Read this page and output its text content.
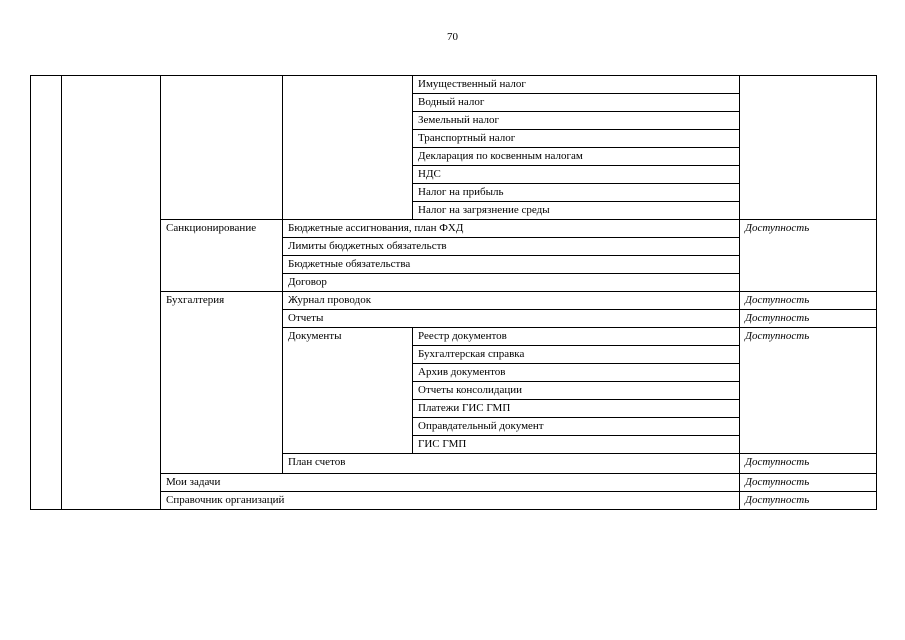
70
				Имущественный налог	
				Водный налог	
				Земельный налог	
				Транспортный налог	
				Декларация по косвенным налогам	
				НДС	
				Налог на прибыль	
				Налог на загрязнение среды	
		Санкционирование	Бюджетные ассигнования, план ФХД		Доступность
			Лимиты бюджетных обязательств		
			Бюджетные обязательства		
			Договор		
		Бухгалтерия	Журнал проводок		Доступность
			Отчеты		Доступность
			Документы	Реестр документов	Доступность
				Бухгалтерская справка	
				Архив документов	
				Отчеты консолидации	
				Платежи ГИС ГМП	
				Оправдательный документ	
				ГИС ГМП	
			План счетов		Доступность
		Мои задачи			Доступность
		Справочник организаций			Доступность
